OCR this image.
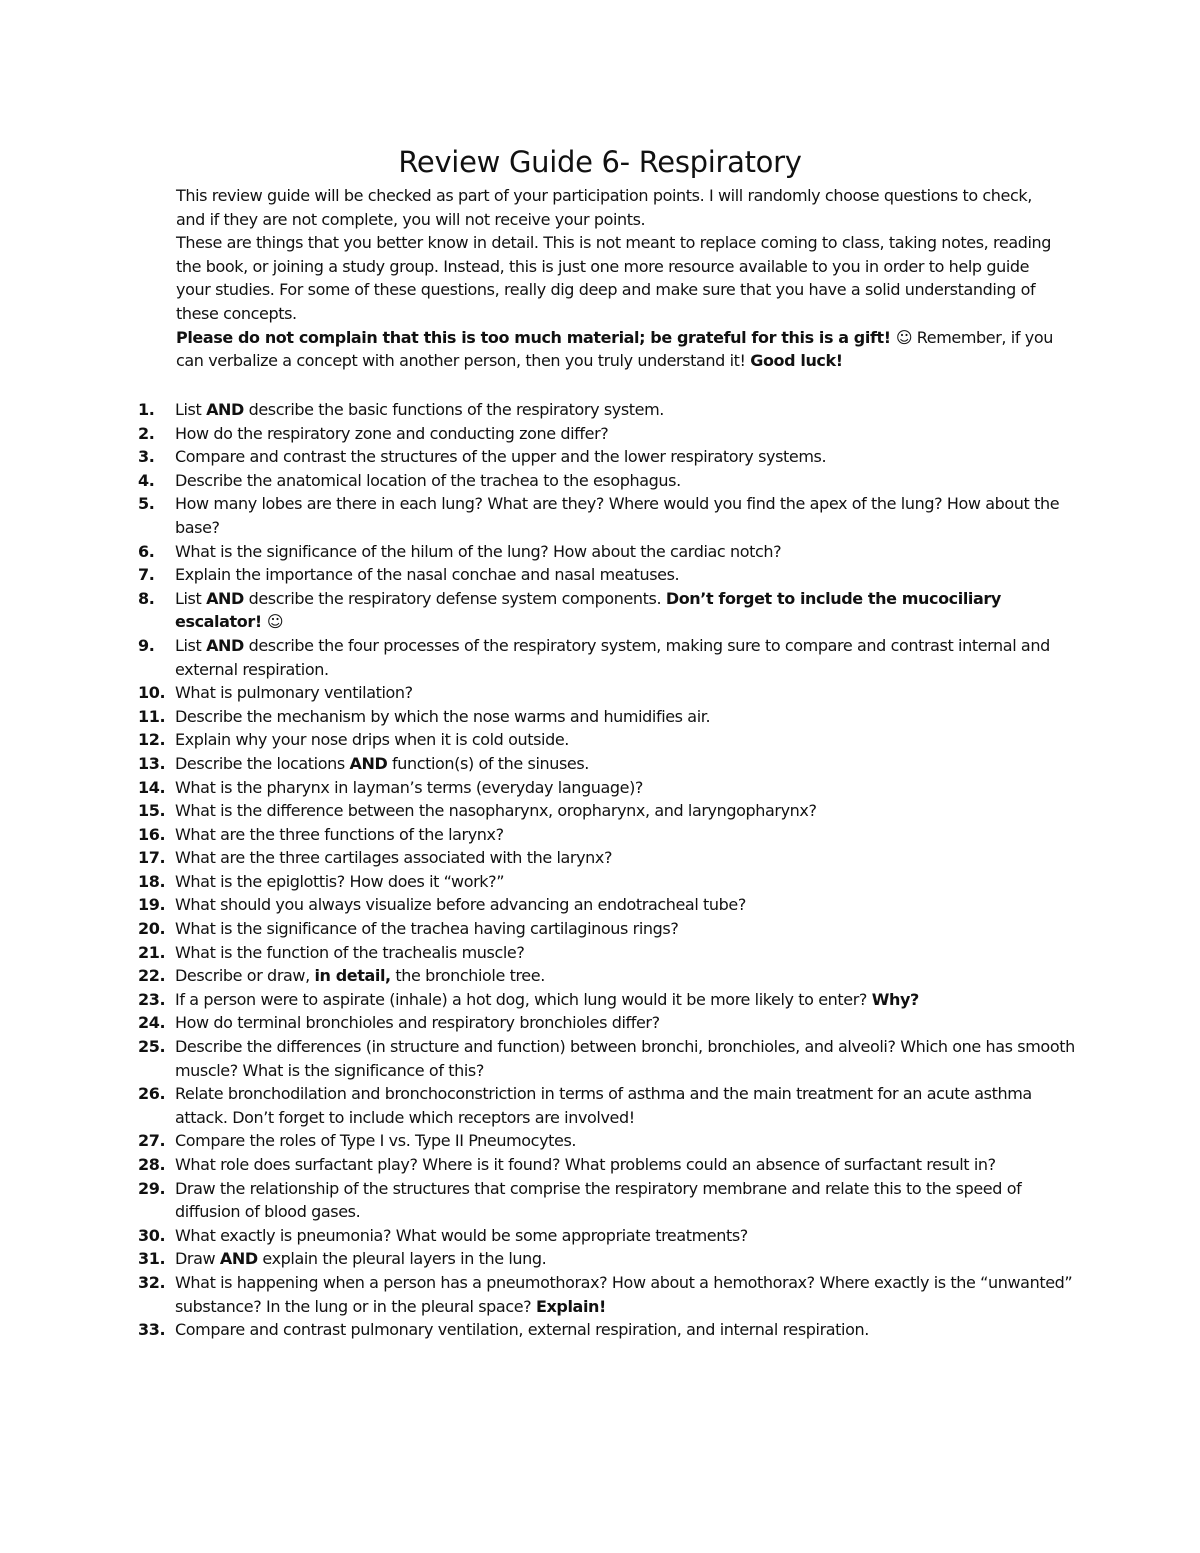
Review Guide 6- Respiratory

This review guide will be checked as part of your participation points. I will randomly choose questions to check, and if they are not complete, you will not receive your points.

These are things that you better know in detail. This is not meant to replace coming to class, taking notes, reading the book, or joining a study group. Instead, this is just one more resource available to you in order to help guide your studies. For some of these questions, really dig deep and make sure that you have a solid understanding of these concepts.

Please do not complain that this is too much material; be grateful for this is a gift! ☺ Remember, if you can verbalize a concept with another person, then you truly understand it! Good luck!

1. List AND describe the basic functions of the respiratory system.
2. How do the respiratory zone and conducting zone differ?
3. Compare and contrast the structures of the upper and the lower respiratory systems.
4. Describe the anatomical location of the trachea to the esophagus.
5. How many lobes are there in each lung? What are they? Where would you find the apex of the lung? How about the base?
6. What is the significance of the hilum of the lung? How about the cardiac notch?
7. Explain the importance of the nasal conchae and nasal meatuses.
8. List AND describe the respiratory defense system components. Don’t forget to include the mucociliary escalator! ☺
9. List AND describe the four processes of the respiratory system, making sure to compare and contrast internal and external respiration.
10. What is pulmonary ventilation?
11. Describe the mechanism by which the nose warms and humidifies air.
12. Explain why your nose drips when it is cold outside.
13. Describe the locations AND function(s) of the sinuses.
14. What is the pharynx in layman’s terms (everyday language)?
15. What is the difference between the nasopharynx, oropharynx, and laryngopharynx?
16. What are the three functions of the larynx?
17. What are the three cartilages associated with the larynx?
18. What is the epiglottis? How does it “work?”
19. What should you always visualize before advancing an endotracheal tube?
20. What is the significance of the trachea having cartilaginous rings?
21. What is the function of the trachealis muscle?
22. Describe or draw, in detail, the bronchiole tree.
23. If a person were to aspirate (inhale) a hot dog, which lung would it be more likely to enter? Why?
24. How do terminal bronchioles and respiratory bronchioles differ?
25. Describe the differences (in structure and function) between bronchi, bronchioles, and alveoli? Which one has smooth muscle? What is the significance of this?
26. Relate bronchodilation and bronchoconstriction in terms of asthma and the main treatment for an acute asthma attack. Don’t forget to include which receptors are involved!
27. Compare the roles of Type I vs. Type II Pneumocytes.
28. What role does surfactant play? Where is it found? What problems could an absence of surfactant result in?
29. Draw the relationship of the structures that comprise the respiratory membrane and relate this to the speed of diffusion of blood gases.
30. What exactly is pneumonia? What would be some appropriate treatments?
31. Draw AND explain the pleural layers in the lung.
32. What is happening when a person has a pneumothorax? How about a hemothorax? Where exactly is the “unwanted” substance? In the lung or in the pleural space? Explain!
33. Compare and contrast pulmonary ventilation, external respiration, and internal respiration.
